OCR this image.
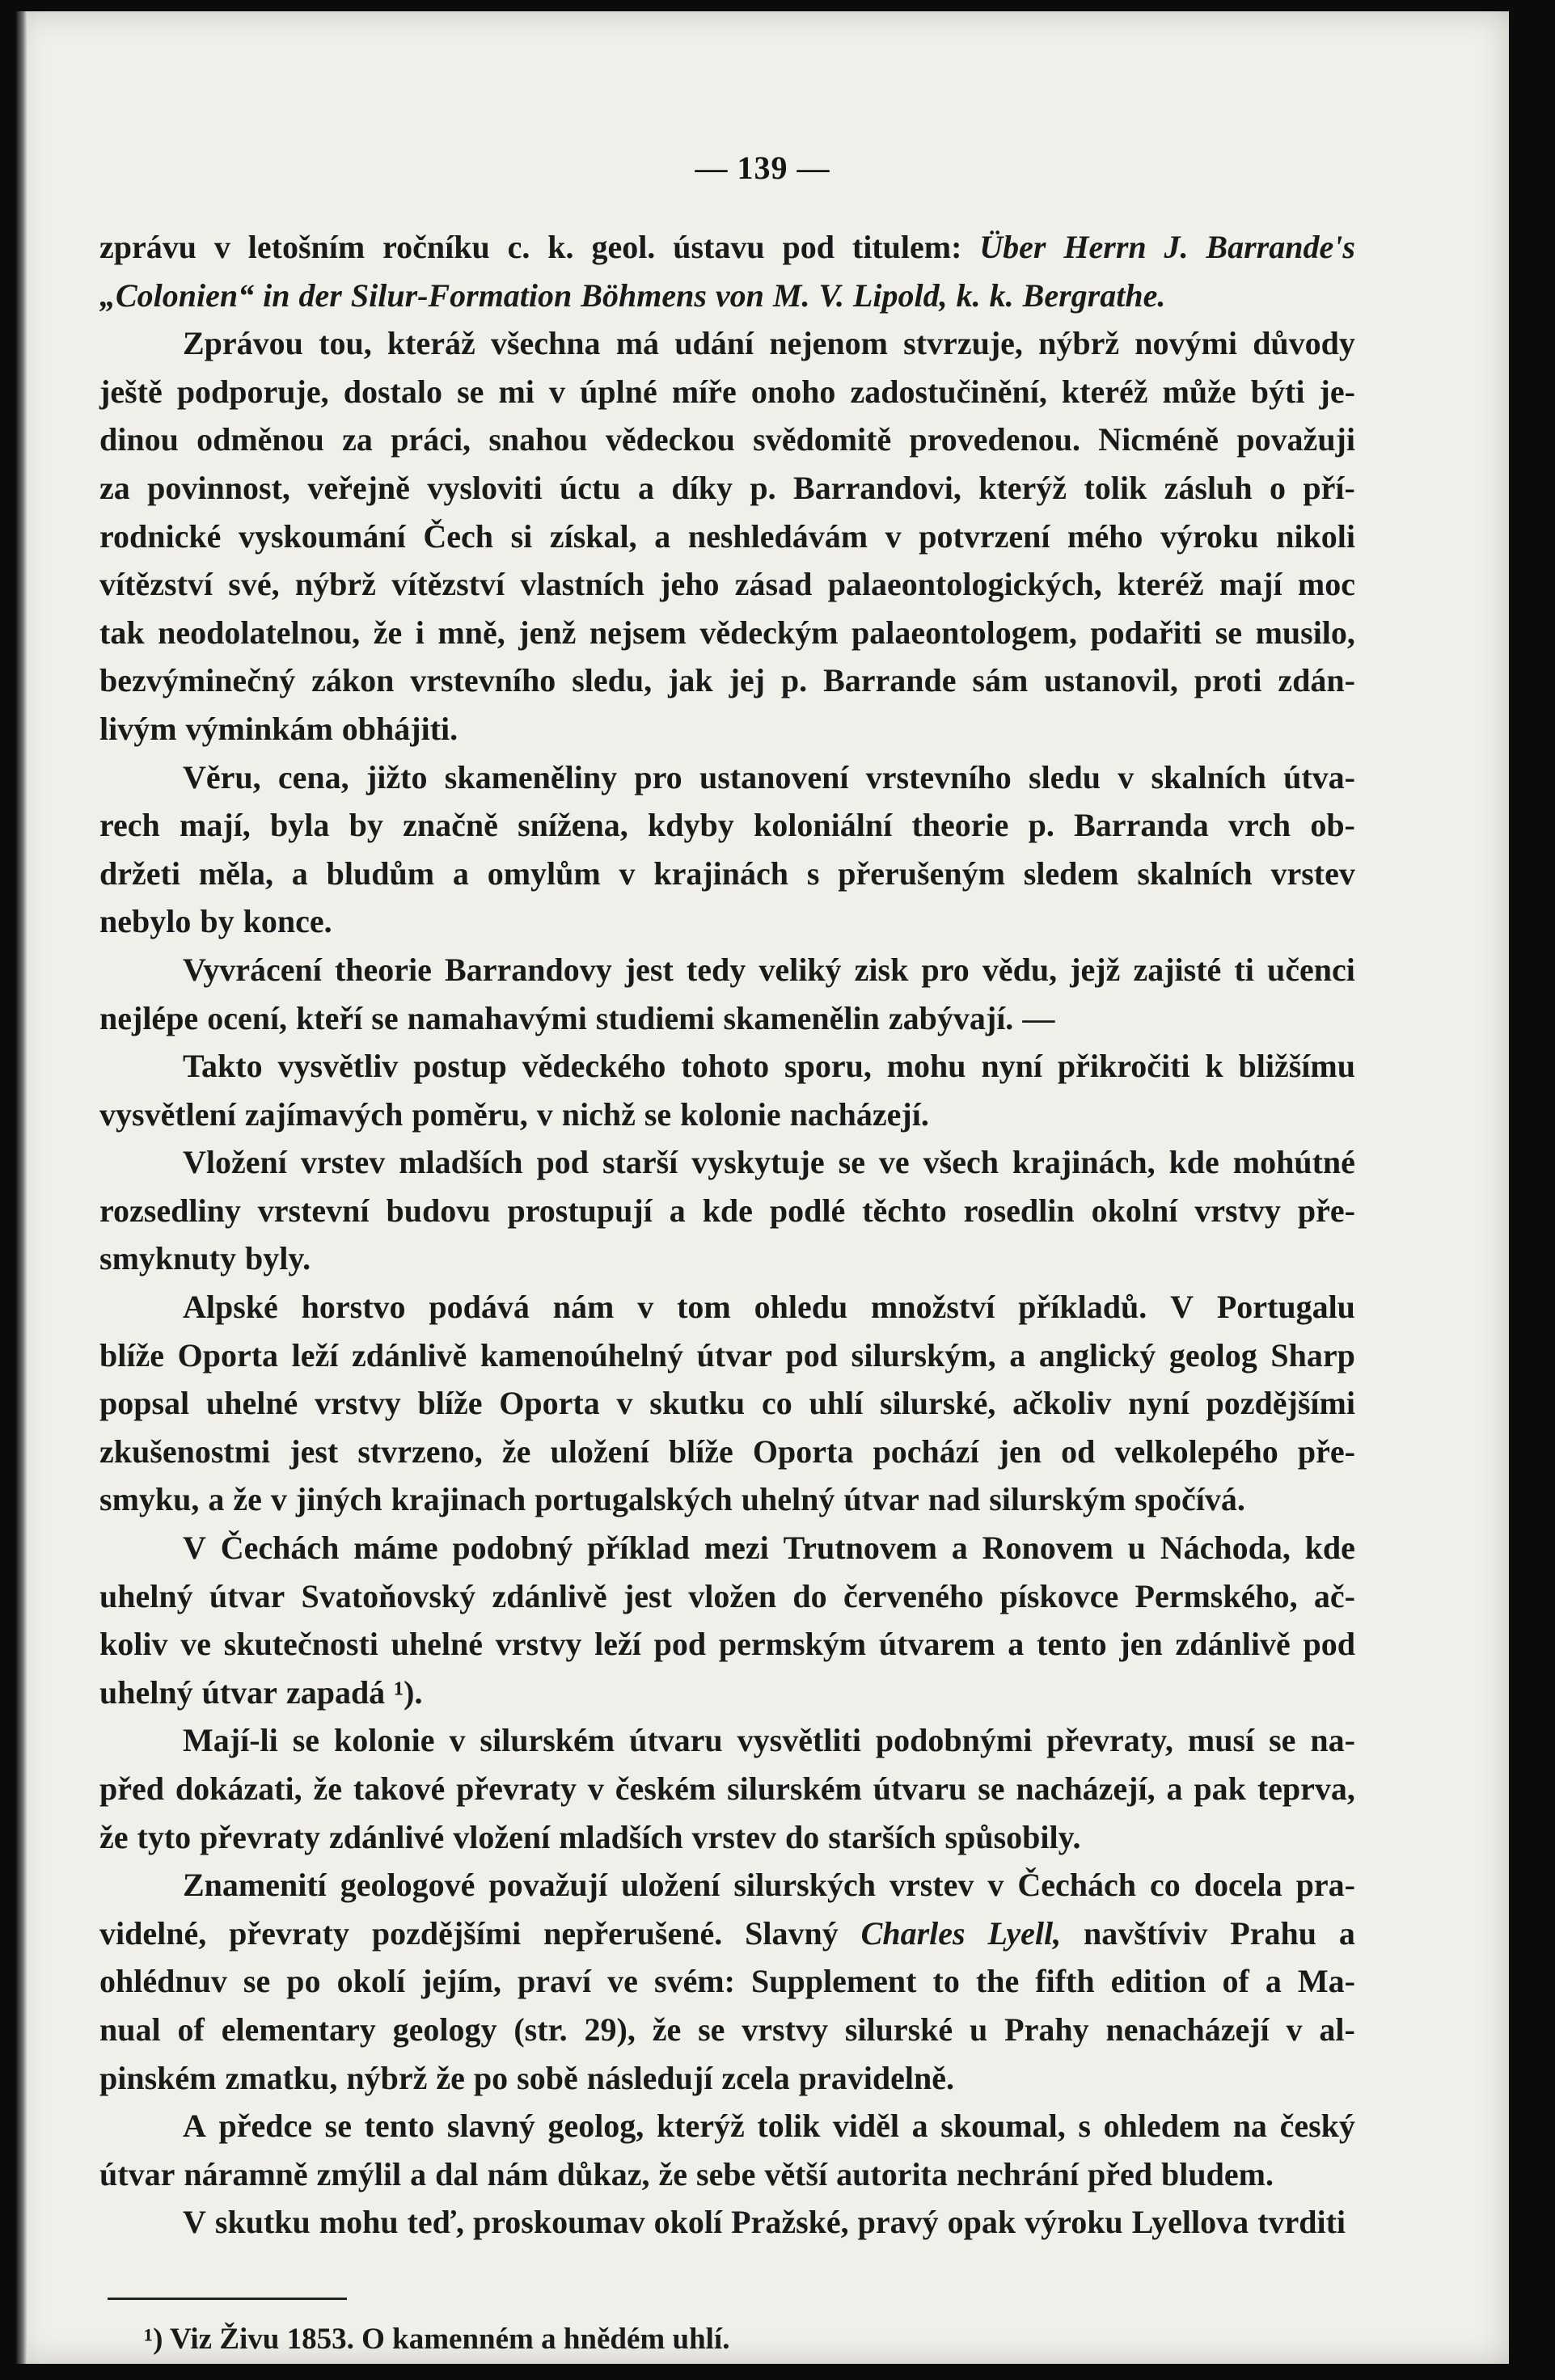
— 139 —
zprávu v letošním ročníku c. k. geol. ústavu pod titulem: Über Herrn J. Barrande's
„Colonien“ in der Silur-Formation Böhmens von M. V. Lipold, k. k. Bergrathe.
Zprávou tou, kteráž všechna má udání nejenom stvrzuje, nýbrž novými důvody
ještě podporuje, dostalo se mi v úplné míře onoho zadostučinění, kteréž může býti je-
dinou odměnou za práci, snahou vědeckou svědomitě provedenou. Nicméně považuji
za povinnost, veřejně vysloviti úctu a díky p. Barrandovi, kterýž tolik zásluh o pří-
rodnické vyskoumání Čech si získal, a neshledávám v potvrzení mého výroku nikoli
vítězství své, nýbrž vítězství vlastních jeho zásad palaeontologických, kteréž mají moc
tak neodolatelnou, že i mně, jenž nejsem vědeckým palaeontologem, podařiti se musilo,
bezvýminečný zákon vrstevního sledu, jak jej p. Barrande sám ustanovil, proti zdán-
livým výminkám obhájiti.
Věru, cena, jižto skameněliny pro ustanovení vrstevního sledu v skalních útva-
rech mají, byla by značně snížena, kdyby koloniální theorie p. Barranda vrch ob-
držeti měla, a bludům a omylům v krajinách s přerušeným sledem skalních vrstev
nebylo by konce.
Vyvrácení theorie Barrandovy jest tedy veliký zisk pro vědu, jejž zajisté ti učenci
nejlépe ocení, kteří se namahavými studiemi skamenělin zabývají. —
Takto vysvětliv postup vědeckého tohoto sporu, mohu nyní přikročiti k bližšímu
vysvětlení zajímavých poměru, v nichž se kolonie nacházejí.
Vložení vrstev mladších pod starší vyskytuje se ve všech krajinách, kde mohútné
rozsedliny vrstevní budovu prostupují a kde podlé těchto rosedlin okolní vrstvy pře-
smyknuty byly.
Alpské horstvo podává nám v tom ohledu množství příkladů. V Portugalu
blíže Oporta leží zdánlivě kamenoúhelný útvar pod silurským, a anglický geolog Sharp
popsal uhelné vrstvy blíže Oporta v skutku co uhlí silurské, ačkoliv nyní pozdějšími
zkušenostmi jest stvrzeno, že uložení blíže Oporta pochází jen od velkolepého pře-
smyku, a že v jiných krajinach portugalských uhelný útvar nad silurským spočívá.
V Čechách máme podobný příklad mezi Trutnovem a Ronovem u Náchoda, kde
uhelný útvar Svatoňovský zdánlivě jest vložen do červeného pískovce Permského, ač-
koliv ve skutečnosti uhelné vrstvy leží pod permským útvarem a tento jen zdánlivě pod
uhelný útvar zapadá ¹).
Mají-li se kolonie v silurském útvaru vysvětliti podobnými převraty, musí se na-
před dokázati, že takové převraty v českém silurském útvaru se nacházejí, a pak teprva,
že tyto převraty zdánlivé vložení mladších vrstev do starších spůsobily.
Znamenití geologové považují uložení silurských vrstev v Čechách co docela pra-
videlné, převraty pozdějšími nepřerušené. Slavný Charles Lyell, navštíviv Prahu a
ohlédnuv se po okolí jejím, praví ve svém: Supplement to the fifth edition of a Ma-
nual of elementary geology (str. 29), že se vrstvy silurské u Prahy nenacházejí v al-
pinském zmatku, nýbrž že po sobě následují zcela pravidelně.
A předce se tento slavný geolog, kterýž tolik viděl a skoumal, s ohledem na český
útvar náramně zmýlil a dal nám důkaz, že sebe větší autorita nechrání před bludem.
V skutku mohu teď, proskoumav okolí Pražské, pravý opak výroku Lyellova tvrditi
¹) Viz Živu 1853. O kamenném a hnědém uhlí.
